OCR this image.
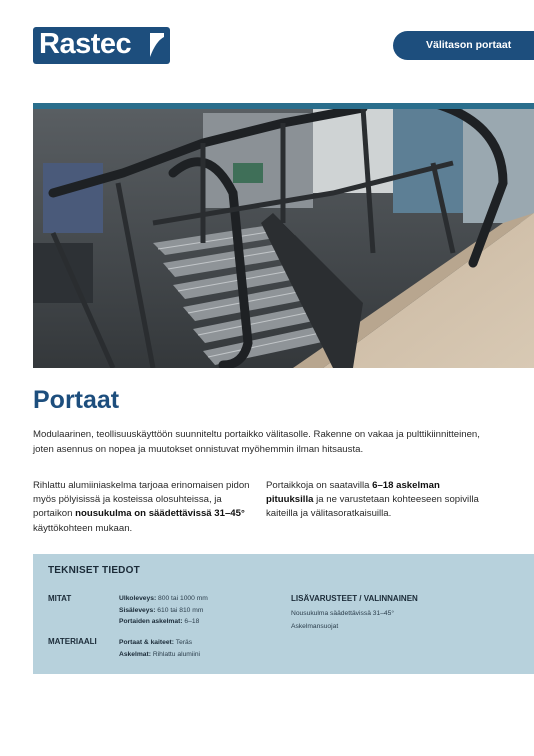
Rastec	Välitason portaat
Portaat

Modulaarinen, teollisuuskäyttöön suunniteltu portaikko välitasolle. Rakenne on vakaa ja pulttikiinnitteinen, joten asennus on nopea ja muutokset onnistuvat myöhemmin ilman hitsausta.

Rihlattu alumiiniaskelma tarjoaa erinomaisen pidon myös pölyisissä ja kosteissa olosuhteissa, ja portaikon nousukulma on säädettävissä 31–45° käyttökohteen mukaan.

Portaikkoja on saatavilla 6–18 askelman pituuksilla ja ne varustetaan kohteeseen sopivilla kaiteilla ja välitasoratkaisuilla.

TEKNISET TIEDOT
MITAT	Ulkoleveys: 800 tai 1000 mm
Sisäleveys: 610 tai 810 mm
Portaiden askelmat: 6–18
MATERIAALI	Portaat & kaiteet: Teräs
Askelmat: Rihlattu alumiini
LISÄVARUSTEET / VALINNAINEN
Nousukulma säädettävissä 31–45°
Askelmansuojat
